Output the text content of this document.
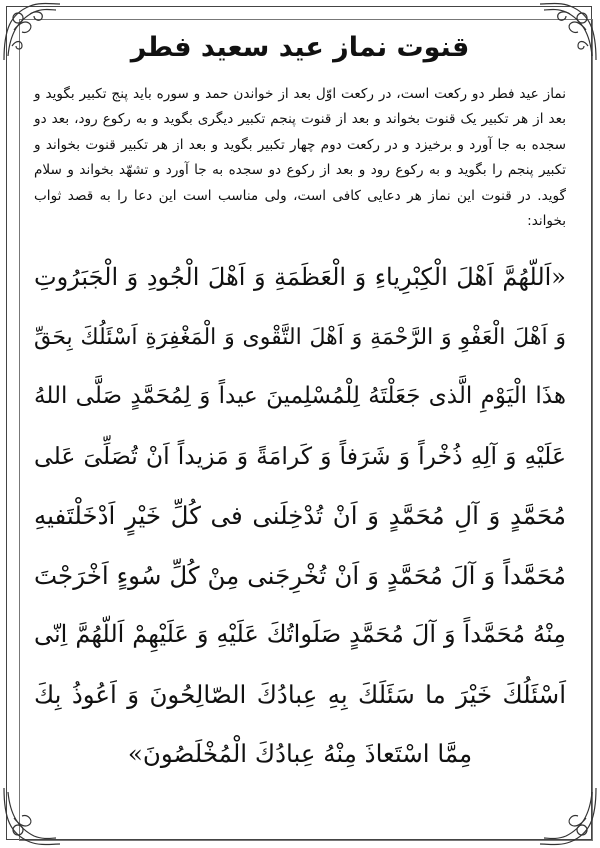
قنوت نماز عید سعید فطر

نماز عید فطر دو رکعت است، در رکعت اوّل بعد از خواندن حمد و سوره باید پنج تکبیر بگوید و بعد از هر تکبیر یک قنوت بخواند و بعد از قنوت پنجم تکبیر دیگری بگوید و به رکوع رود، بعد دو سجده به جا آورد و برخیزد و در رکعت دوم چهار تکبیر بگوید و بعد از هر تکبیر قنوت بخواند و تکبیر پنجم را بگوید و به رکوع رود و بعد از رکوع دو سجده به جا آورد و تشهّد بخواند و سلام گوید. در قنوت این نماز هر دعایی کافی است، ولی مناسب است این دعا را به قصد ثواب بخواند:

«اَللّهُمَّ اَهْلَ الْکِبْرِیاءِ وَ الْعَظَمَةِ وَ اَهْلَ الْجُودِ وَ الْجَبَرُوتِ
وَ اَهْلَ الْعَفْوِ وَ الرَّحْمَةِ وَ اَهْلَ التَّقْوی وَ الْمَغْفِرَةِ اَسْئَلُكَ بِحَقِّ
هذَا الْیَوْمِ الَّذی جَعَلْتَهُ لِلْمُسْلِمینَ عیداً وَ لِمُحَمَّدٍ صَلَّی اللهُ
عَلَیْهِ وَ آلِهِ ذُخْراً وَ شَرَفاً وَ کَرامَةً وَ مَزیداً اَنْ تُصَلِّیَ عَلی
مُحَمَّدٍ وَ آلِ مُحَمَّدٍ وَ اَنْ تُدْخِلَنی فی کُلِّ خَیْرٍ اَدْخَلْتَفیهِ
مُحَمَّداً وَ آلَ مُحَمَّدٍ وَ اَنْ تُخْرِجَنی مِنْ کُلِّ سُوءٍ اَخْرَجْتَ
مِنْهُ مُحَمَّداً وَ آلَ مُحَمَّدٍ صَلَواتُكَ عَلَیْهِ وَ عَلَیْهِمْ اَللّهُمَّ اِنّی
اَسْئَلُكَ خَیْرَ ما سَئَلَكَ بِهِ عِبادُكَ الصّالِحُونَ وَ اَعُوذُ بِكَ
مِمَّا اسْتَعاذَ مِنْهُ عِبادُكَ الْمُخْلَصُونَ»
